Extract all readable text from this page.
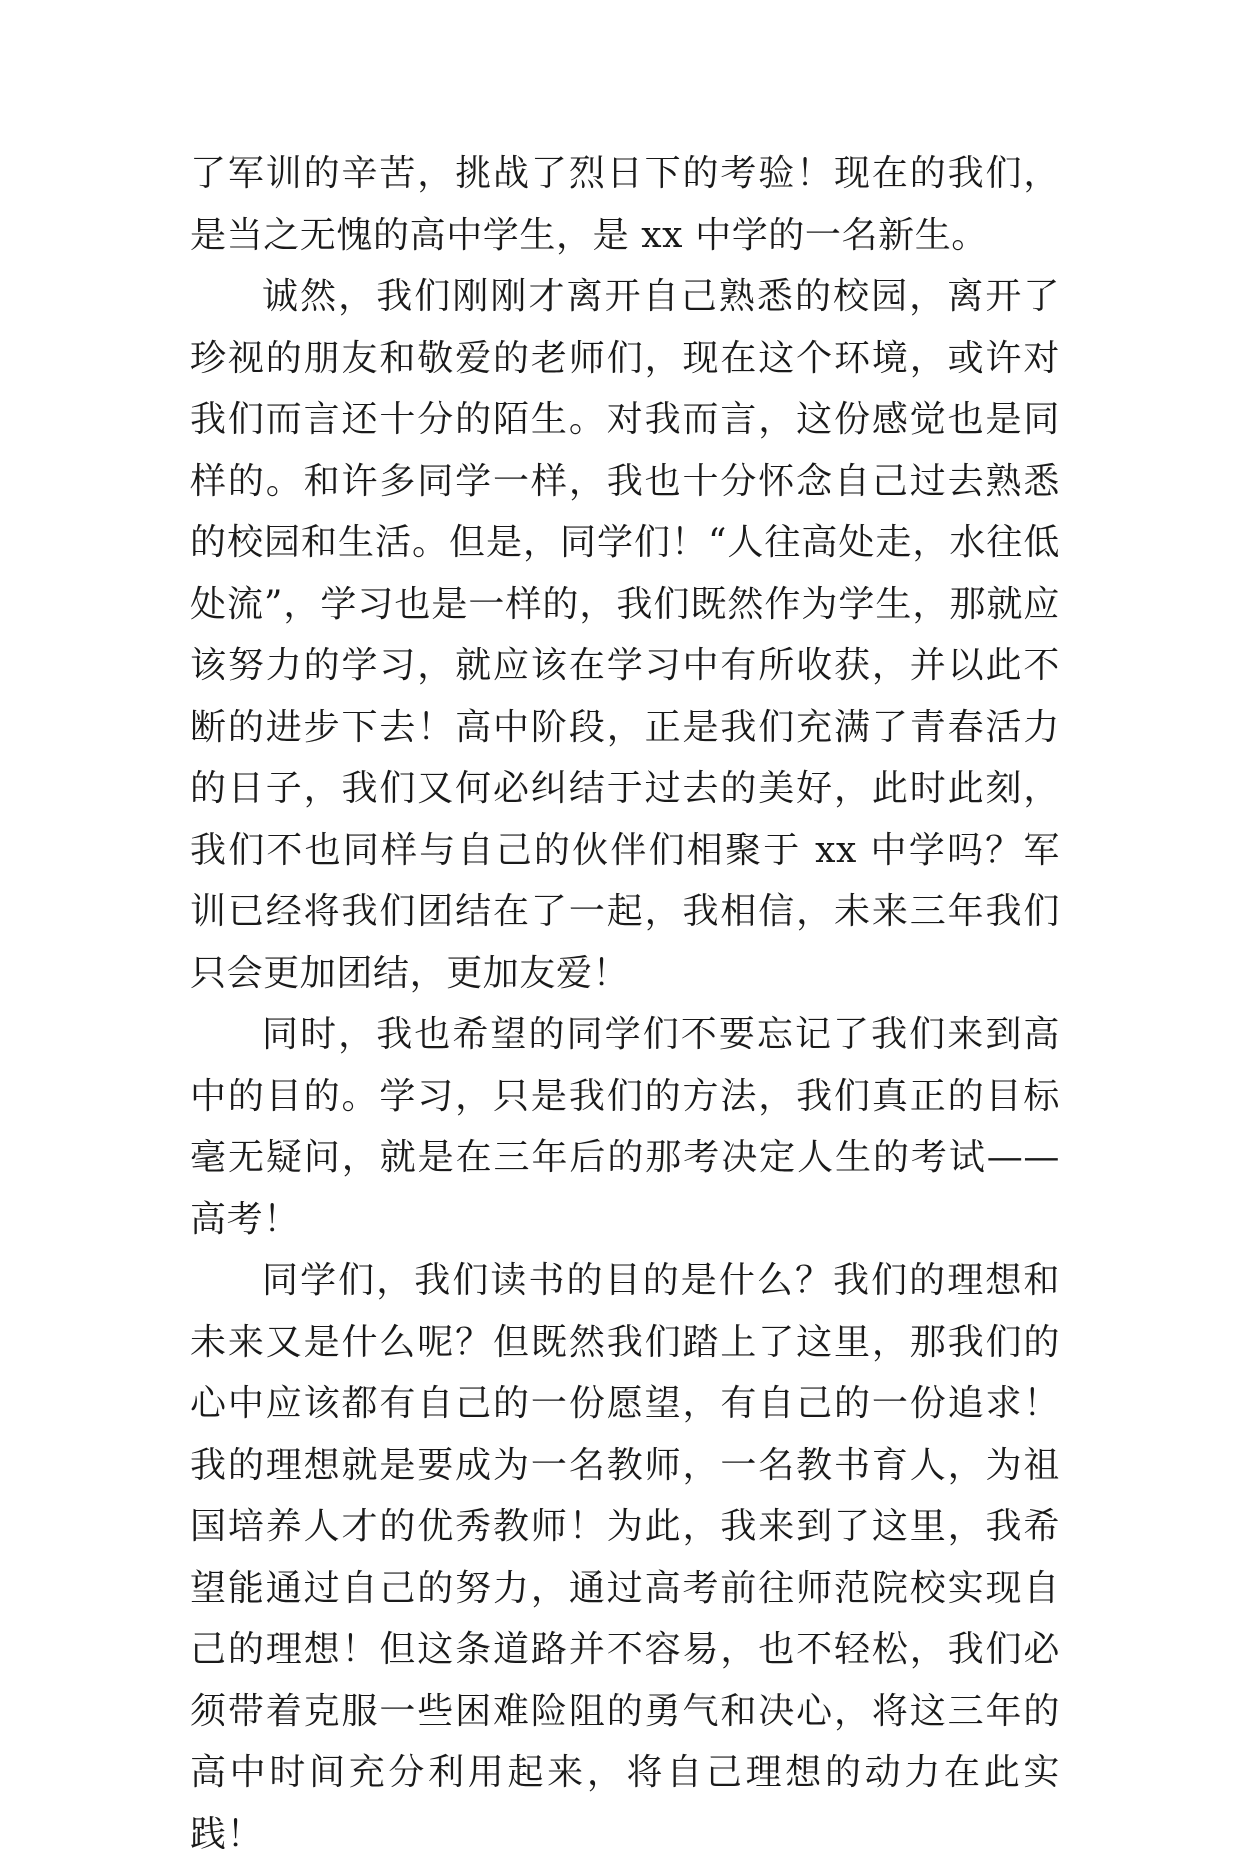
了军训的辛苦，挑战了烈日下的考验！现在的我们，是当之无愧的高中学生，是 xx 中学的一名新生。

诚然，我们刚刚才离开自己熟悉的校园，离开了珍视的朋友和敬爱的老师们，现在这个环境，或许对我们而言还十分的陌生。对我而言，这份感觉也是同样的。和许多同学一样，我也十分怀念自己过去熟悉的校园和生活。但是，同学们！“人往高处走，水往低处流”，学习也是一样的，我们既然作为学生，那就应该努力的学习，就应该在学习中有所收获，并以此不断的进步下去！高中阶段，正是我们充满了青春活力的日子，我们又何必纠结于过去的美好，此时此刻，我们不也同样与自己的伙伴们相聚于 xx 中学吗？军训已经将我们团结在了一起，我相信，未来三年我们只会更加团结，更加友爱！

同时，我也希望的同学们不要忘记了我们来到高中的目的。学习，只是我们的方法，我们真正的目标毫无疑问，就是在三年后的那考决定人生的考试——高考！

同学们，我们读书的目的是什么？我们的理想和未来又是什么呢？但既然我们踏上了这里，那我们的心中应该都有自己的一份愿望，有自己的一份追求！我的理想就是要成为一名教师，一名教书育人，为祖国培养人才的优秀教师！为此，我来到了这里，我希望能通过自己的努力，通过高考前往师范院校实现自己的理想！但这条道路并不容易，也不轻松，我们必须带着克服一些困难险阻的勇气和决心，将这三年的高中时间充分利用起来，将自己理想的动力在此实践！
